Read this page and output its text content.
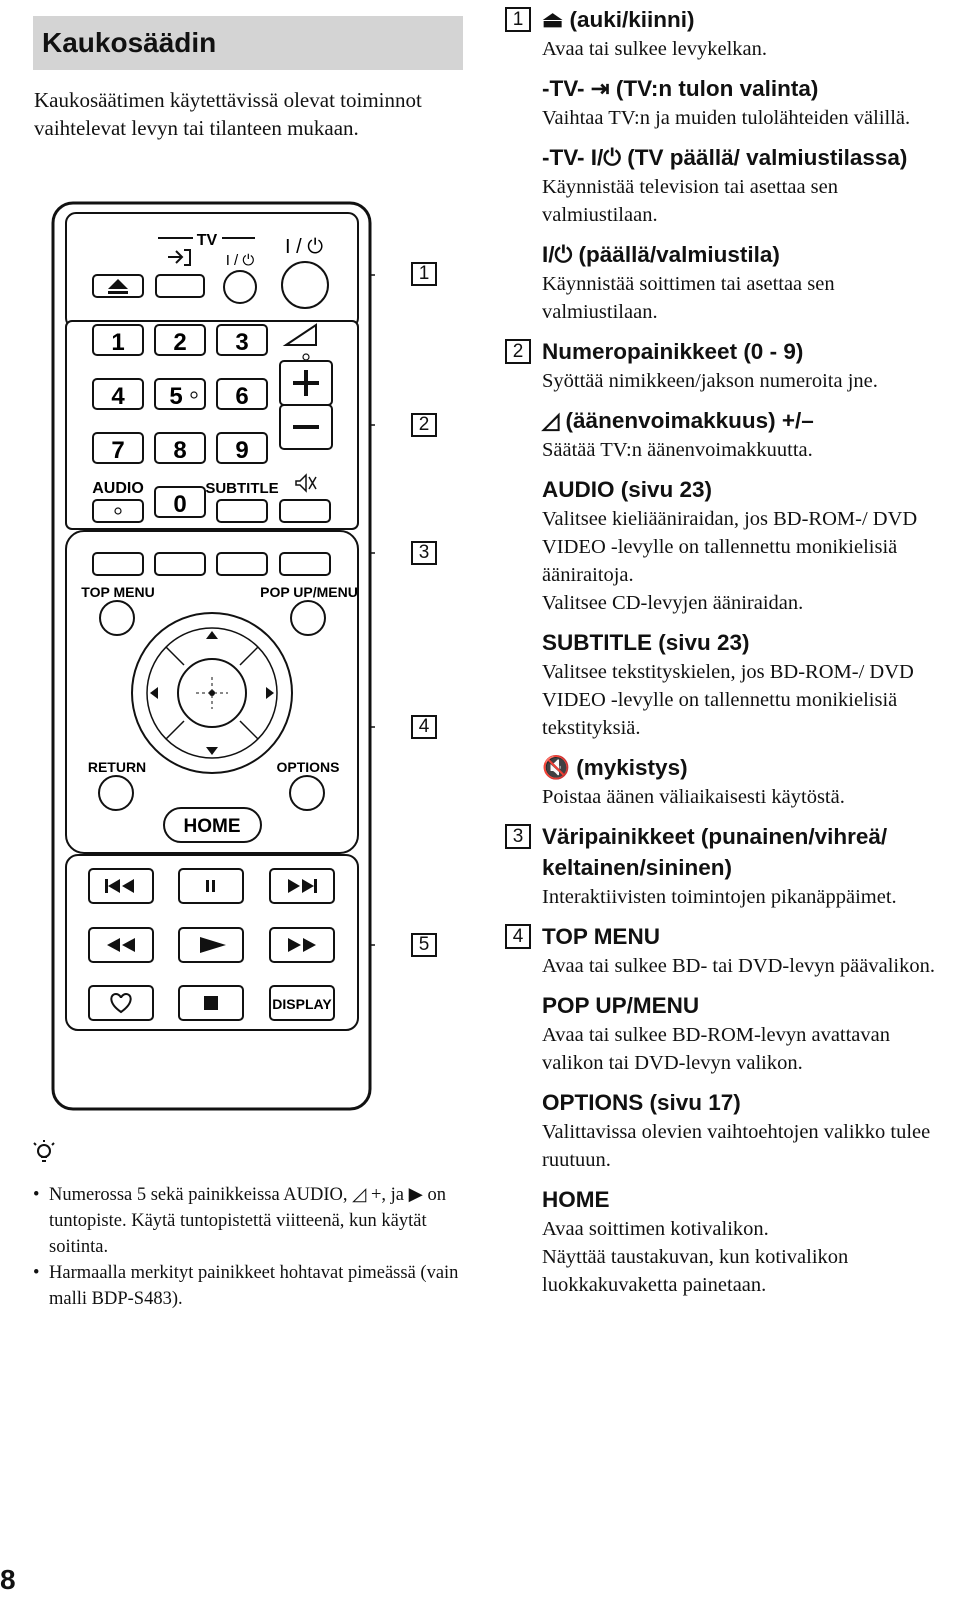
Kaukosäädin
Kaukosäätimen käytettävissä olevat toiminnot vaihtelevat levyn tai tilanteen mukaan.
TV
I / ⏻
I / ⏻
1 2 3
4 5 6
7 8 9
0
AUDIO	SUBTITLE
TOP MENU	POP UP/MENU
RETURN	OPTIONS
HOME
DISPLAY
1
2
3
4
5
• Numerossa 5 sekä painikkeissa AUDIO, ◿ +, ja ▶ on tuntopiste. Käytä tuntopistettä viitteenä, kun käytät soitinta.
• Harmaalla merkityt painikkeet hohtavat pimeässä (vain malli BDP-S483).
1 ⏏ (auki/kiinni)

Avaa tai sulkee levykelkan.

-TV- ⇥ (TV:n tulon valinta)

Vaihtaa TV:n ja muiden tulolähteiden välillä.

-TV- I/⏻ (TV päällä/ valmiustilassa)

Käynnistää television tai asettaa sen valmiustilaan.

I/⏻ (päällä/valmiustila)

Käynnistää soittimen tai asettaa sen valmiustilaan.

2 Numeropainikkeet (0 - 9)

Syöttää nimikkeen/jakson numeroita jne.

◿ (äänenvoimakkuus) +/–

Säätää TV:n äänenvoimakkuutta.

AUDIO (sivu 23)

Valitsee kieliääniraidan, jos BD-ROM-/ DVD VIDEO -levylle on tallennettu monikielisiä ääniraitoja.

Valitsee CD-levyjen ääniraidan.

SUBTITLE (sivu 23)

Valitsee tekstityskielen, jos BD-ROM-/ DVD VIDEO -levylle on tallennettu monikielisiä tekstityksiä.

🔇 (mykistys)

Poistaa äänen väliaikaisesti käytöstä.

3 Väripainikkeet (punainen/vihreä/ keltainen/sininen)

Interaktiivisten toimintojen pikanäppäimet.

4 TOP MENU

Avaa tai sulkee BD- tai DVD-levyn päävalikon.

POP UP/MENU

Avaa tai sulkee BD-ROM-levyn avattavan valikon tai DVD-levyn valikon.

OPTIONS (sivu 17)

Valittavissa olevien vaihtoehtojen valikko tulee ruutuun.

HOME

Avaa soittimen kotivalikon.

Näyttää taustakuvan, kun kotivalikon luokkakuvaketta painetaan.

8
